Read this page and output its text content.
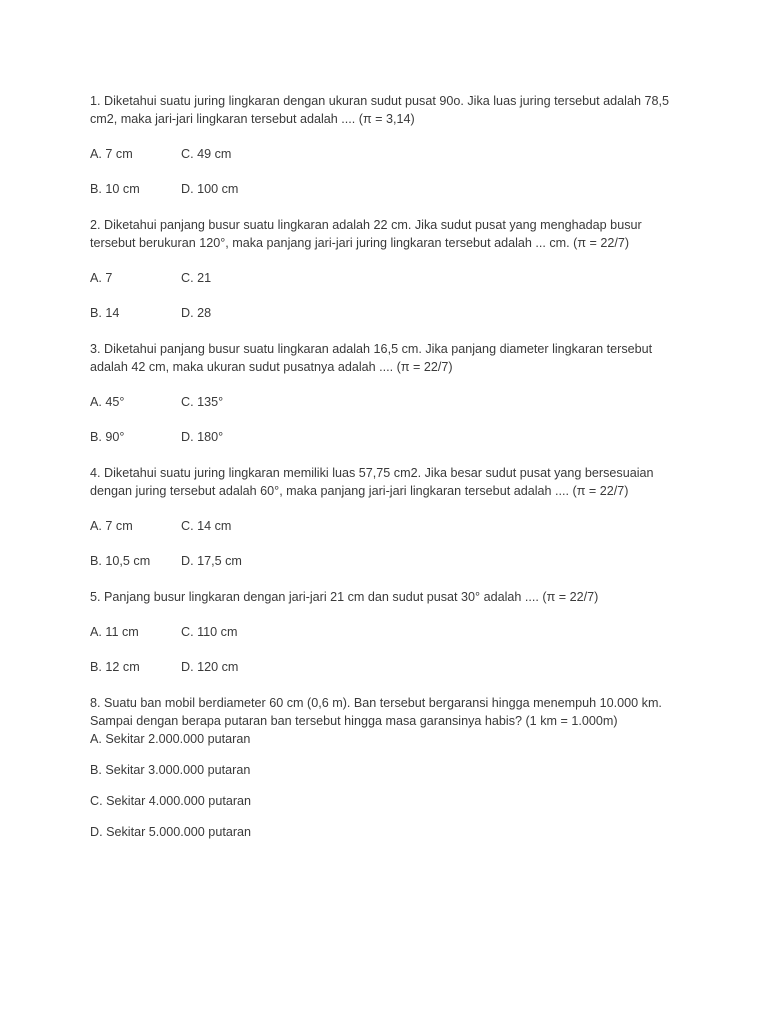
1. Diketahui suatu juring lingkaran dengan ukuran sudut pusat 90o. Jika luas juring tersebut adalah 78,5 cm2, maka jari-jari lingkaran tersebut adalah .... (π = 3,14)

A. 7 cm	C. 49 cm
B. 10 cm	D. 100 cm

2. Diketahui panjang busur suatu lingkaran adalah 22 cm. Jika sudut pusat yang menghadap busur tersebut berukuran 120°, maka panjang jari-jari juring lingkaran tersebut adalah ... cm. (π = 22/7)

A. 7	C. 21
B. 14	D. 28

3. Diketahui panjang busur suatu lingkaran adalah 16,5 cm. Jika panjang diameter lingkaran tersebut adalah 42 cm, maka ukuran sudut pusatnya adalah .... (π = 22/7)

A. 45°	C. 135°
B. 90°	D. 180°

4. Diketahui suatu juring lingkaran memiliki luas 57,75 cm2. Jika besar sudut pusat yang bersesuaian dengan juring tersebut adalah 60°, maka panjang jari-jari lingkaran tersebut adalah .... (π = 22/7)

A. 7 cm	C. 14 cm
B. 10,5 cm	D. 17,5 cm

5. Panjang busur lingkaran dengan jari-jari 21 cm dan sudut pusat 30° adalah .... (π = 22/7)

A. 11 cm	C. 110 cm
B. 12 cm	D. 120 cm

8. Suatu ban mobil berdiameter 60 cm (0,6 m). Ban tersebut bergaransi hingga menempuh 10.000 km. Sampai dengan berapa putaran ban tersebut hingga masa garansinya habis? (1 km = 1.000m)

A. Sekitar 2.000.000 putaran
B. Sekitar 3.000.000 putaran
C. Sekitar 4.000.000 putaran
D. Sekitar 5.000.000 putaran
